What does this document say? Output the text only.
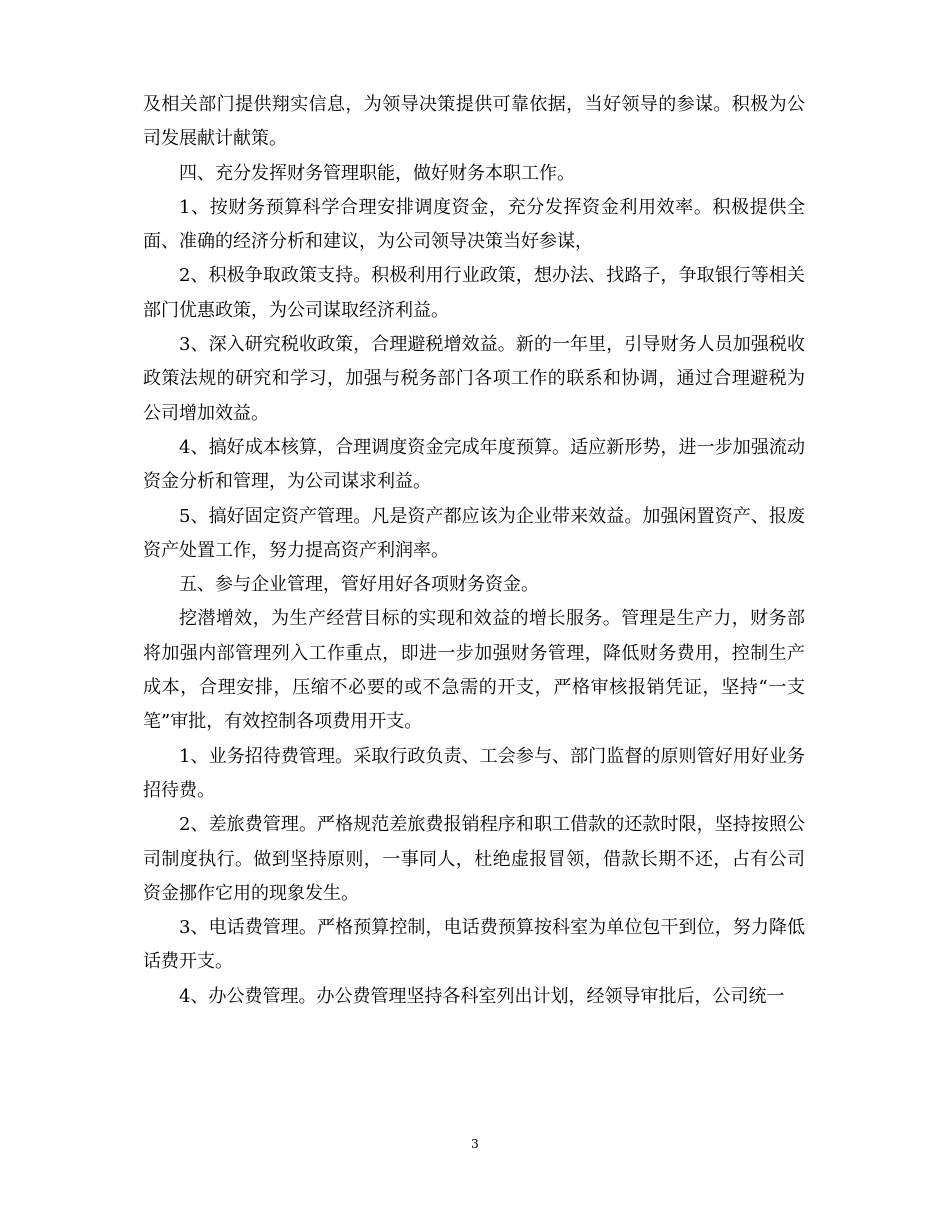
及相关部门提供翔实信息，为领导决策提供可靠依据，当好领导的参谋。积极为公司发展献计献策。

四、充分发挥财务管理职能，做好财务本职工作。

1、按财务预算科学合理安排调度资金，充分发挥资金利用效率。积极提供全面、准确的经济分析和建议，为公司领导决策当好参谋，

2、积极争取政策支持。积极利用行业政策，想办法、找路子，争取银行等相关部门优惠政策，为公司谋取经济利益。

3、深入研究税收政策，合理避税增效益。新的一年里，引导财务人员加强税收政策法规的研究和学习，加强与税务部门各项工作的联系和协调，通过合理避税为公司增加效益。

4、搞好成本核算，合理调度资金完成年度预算。适应新形势，进一步加强流动资金分析和管理，为公司谋求利益。

5、搞好固定资产管理。凡是资产都应该为企业带来效益。加强闲置资产、报废资产处置工作，努力提高资产利润率。

五、参与企业管理，管好用好各项财务资金。

挖潜增效，为生产经营目标的实现和效益的增长服务。管理是生产力，财务部将加强内部管理列入工作重点，即进一步加强财务管理，降低财务费用，控制生产成本，合理安排，压缩不必要的或不急需的开支，严格审核报销凭证，坚持“一支笔”审批，有效控制各项费用开支。

1、业务招待费管理。采取行政负责、工会参与、部门监督的原则管好用好业务招待费。

2、差旅费管理。严格规范差旅费报销程序和职工借款的还款时限，坚持按照公司制度执行。做到坚持原则，一事同人，杜绝虚报冒领，借款长期不还，占有公司资金挪作它用的现象发生。

3、电话费管理。严格预算控制，电话费预算按科室为单位包干到位，努力降低话费开支。

4、办公费管理。办公费管理坚持各科室列出计划，经领导审批后，公司统一

3
